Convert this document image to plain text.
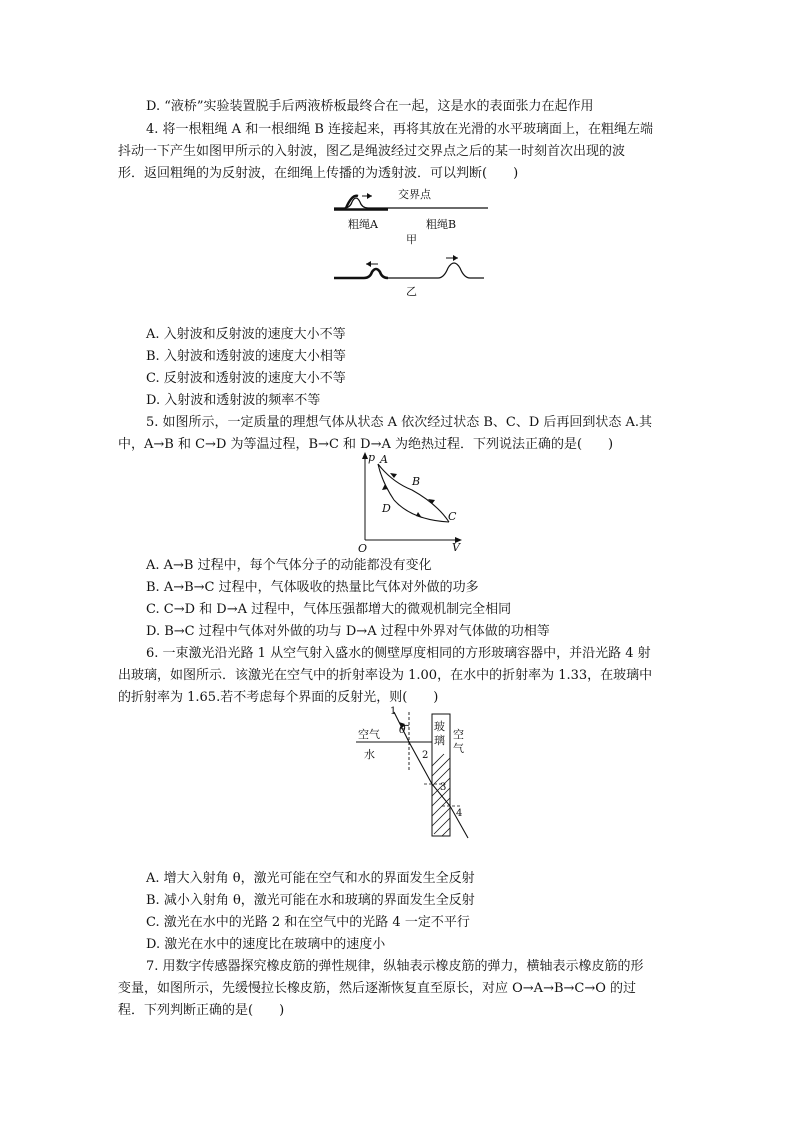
D. “液桥”实验装置脱手后两液桥板最终合在一起，这是水的表面张力在起作用
4. 将一根粗绳 A 和一根细绳 B 连接起来，再将其放在光滑的水平玻璃面上，在粗绳左端
抖动一下产生如图甲所示的入射波，图乙是绳波经过交界点之后的某一时刻首次出现的波
形．返回粗绳的为反射波，在细绳上传播的为透射波．可以判断(　　)
交界点
粗绳A	粗绳B
甲
乙
A. 入射波和反射波的速度大小不等
B. 入射波和透射波的速度大小相等
C. 反射波和透射波的速度大小不等
D. 入射波和透射波的频率不等
5. 如图所示，一定质量的理想气体从状态 A 依次经过状态 B、C、D 后再回到状态 A.其
中，A→B 和 C→D 为等温过程，B→C 和 D→A 为绝热过程．下列说法正确的是(　　)
p
V
O
A
B
C
D
A. A→B 过程中，每个气体分子的动能都没有变化
B. A→B→C 过程中，气体吸收的热量比气体对外做的功多
C. C→D 和 D→A 过程中，气体压强都增大的微观机制完全相同
D. B→C 过程中气体对外做的功与 D→A 过程中外界对气体做的功相等
6. 一束激光沿光路 1 从空气射入盛水的侧壁厚度相同的方形玻璃容器中，并沿光路 4 射
出玻璃，如图所示．该激光在空气中的折射率设为 1.00，在水中的折射率为 1.33，在玻璃中
的折射率为 1.65.若不考虑每个界面的反射光，则(　　)
空气
水
玻
璃 空
气
θ
1
2
3
4
A. 增大入射角 θ，激光可能在空气和水的界面发生全反射
B. 减小入射角 θ，激光可能在水和玻璃的界面发生全反射
C. 激光在水中的光路 2 和在空气中的光路 4 一定不平行
D. 激光在水中的速度比在玻璃中的速度小
7. 用数字传感器探究橡皮筋的弹性规律，纵轴表示橡皮筋的弹力，横轴表示橡皮筋的形
变量，如图所示，先缓慢拉长橡皮筋，然后逐渐恢复直至原长，对应 O→A→B→C→O 的过
程．下列判断正确的是(　　)
